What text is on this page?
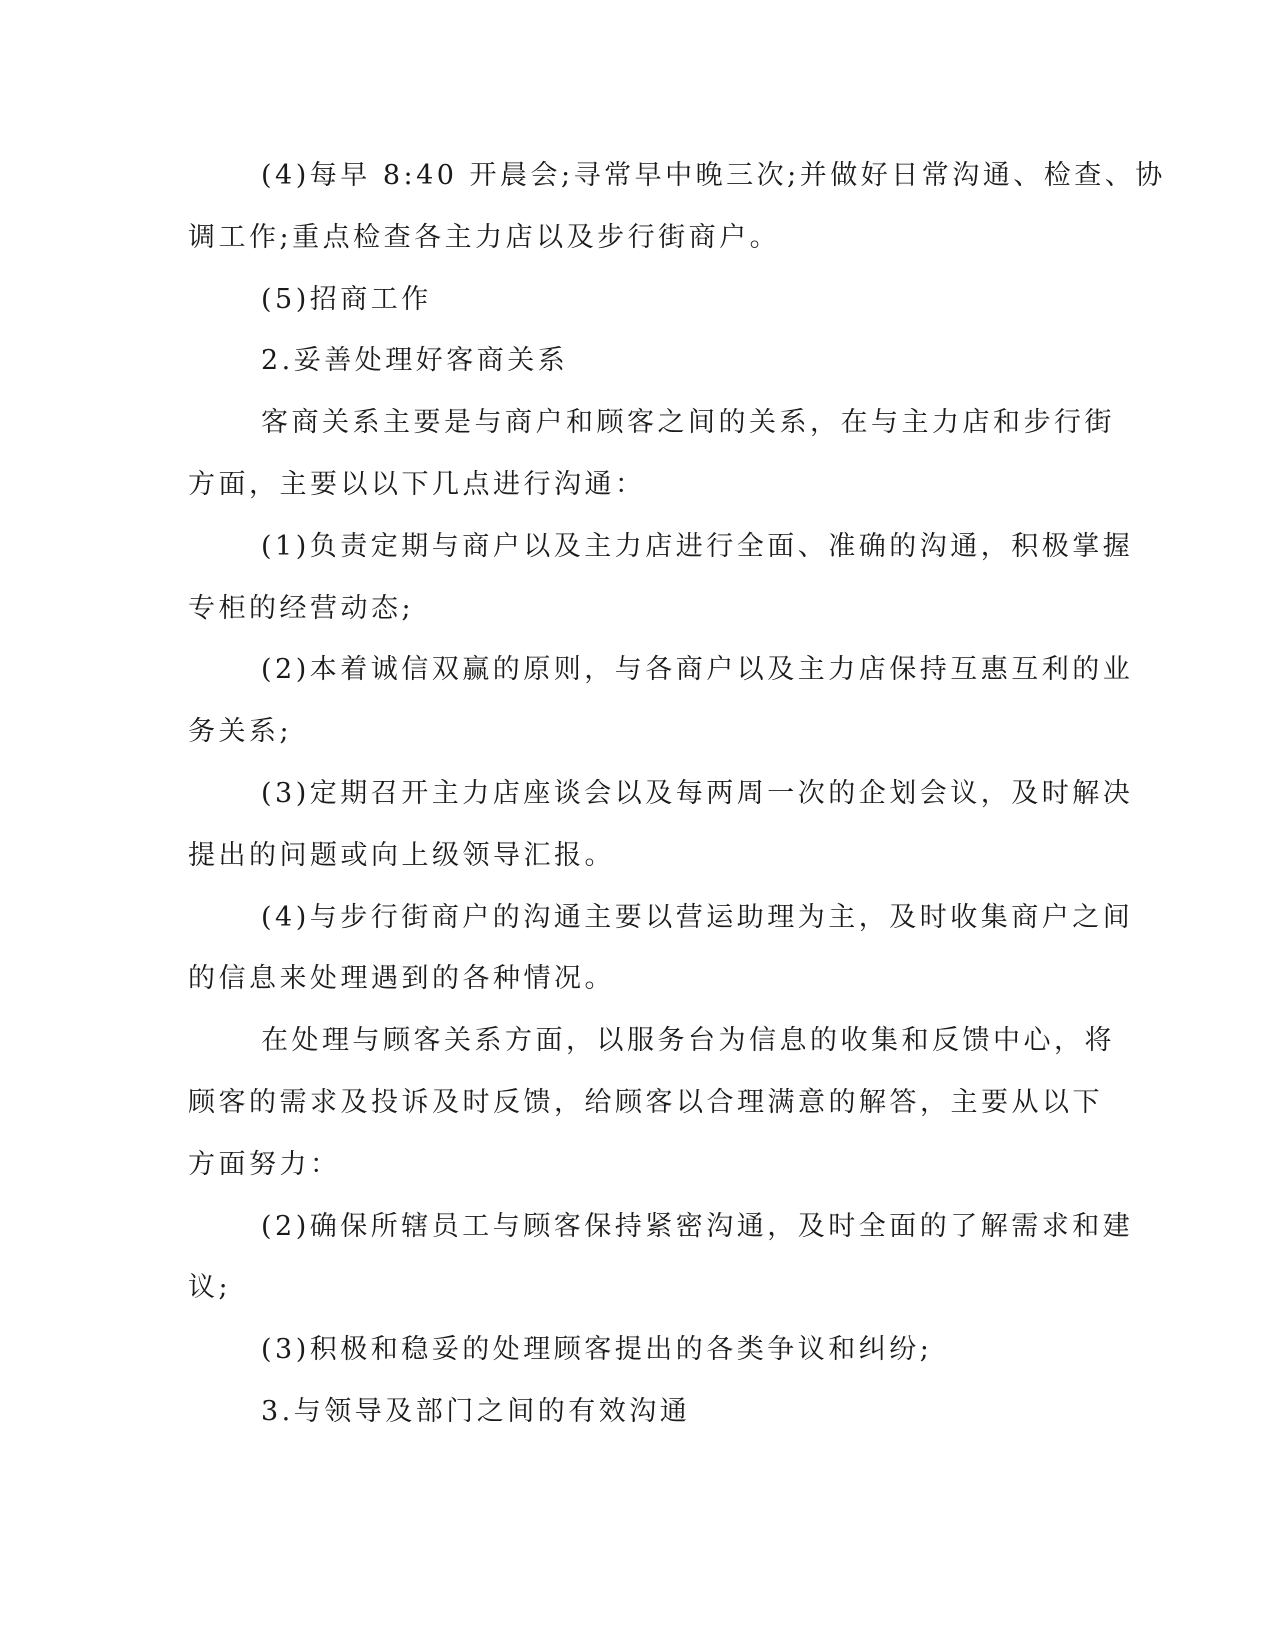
(4)每早 8:40 开晨会;寻常早中晚三次;并做好日常沟通、检查、协
调工作;重点检查各主力店以及步行街商户。
(5)招商工作
2.妥善处理好客商关系
客商关系主要是与商户和顾客之间的关系，在与主力店和步行街
方面，主要以以下几点进行沟通：
(1)负责定期与商户以及主力店进行全面、准确的沟通，积极掌握
专柜的经营动态;
(2)本着诚信双赢的原则，与各商户以及主力店保持互惠互利的业
务关系;
(3)定期召开主力店座谈会以及每两周一次的企划会议，及时解决
提出的问题或向上级领导汇报。
(4)与步行街商户的沟通主要以营运助理为主，及时收集商户之间
的信息来处理遇到的各种情况。
在处理与顾客关系方面，以服务台为信息的收集和反馈中心，将
顾客的需求及投诉及时反馈，给顾客以合理满意的解答，主要从以下
方面努力：
(2)确保所辖员工与顾客保持紧密沟通，及时全面的了解需求和建
议;
(3)积极和稳妥的处理顾客提出的各类争议和纠纷;
3.与领导及部门之间的有效沟通
